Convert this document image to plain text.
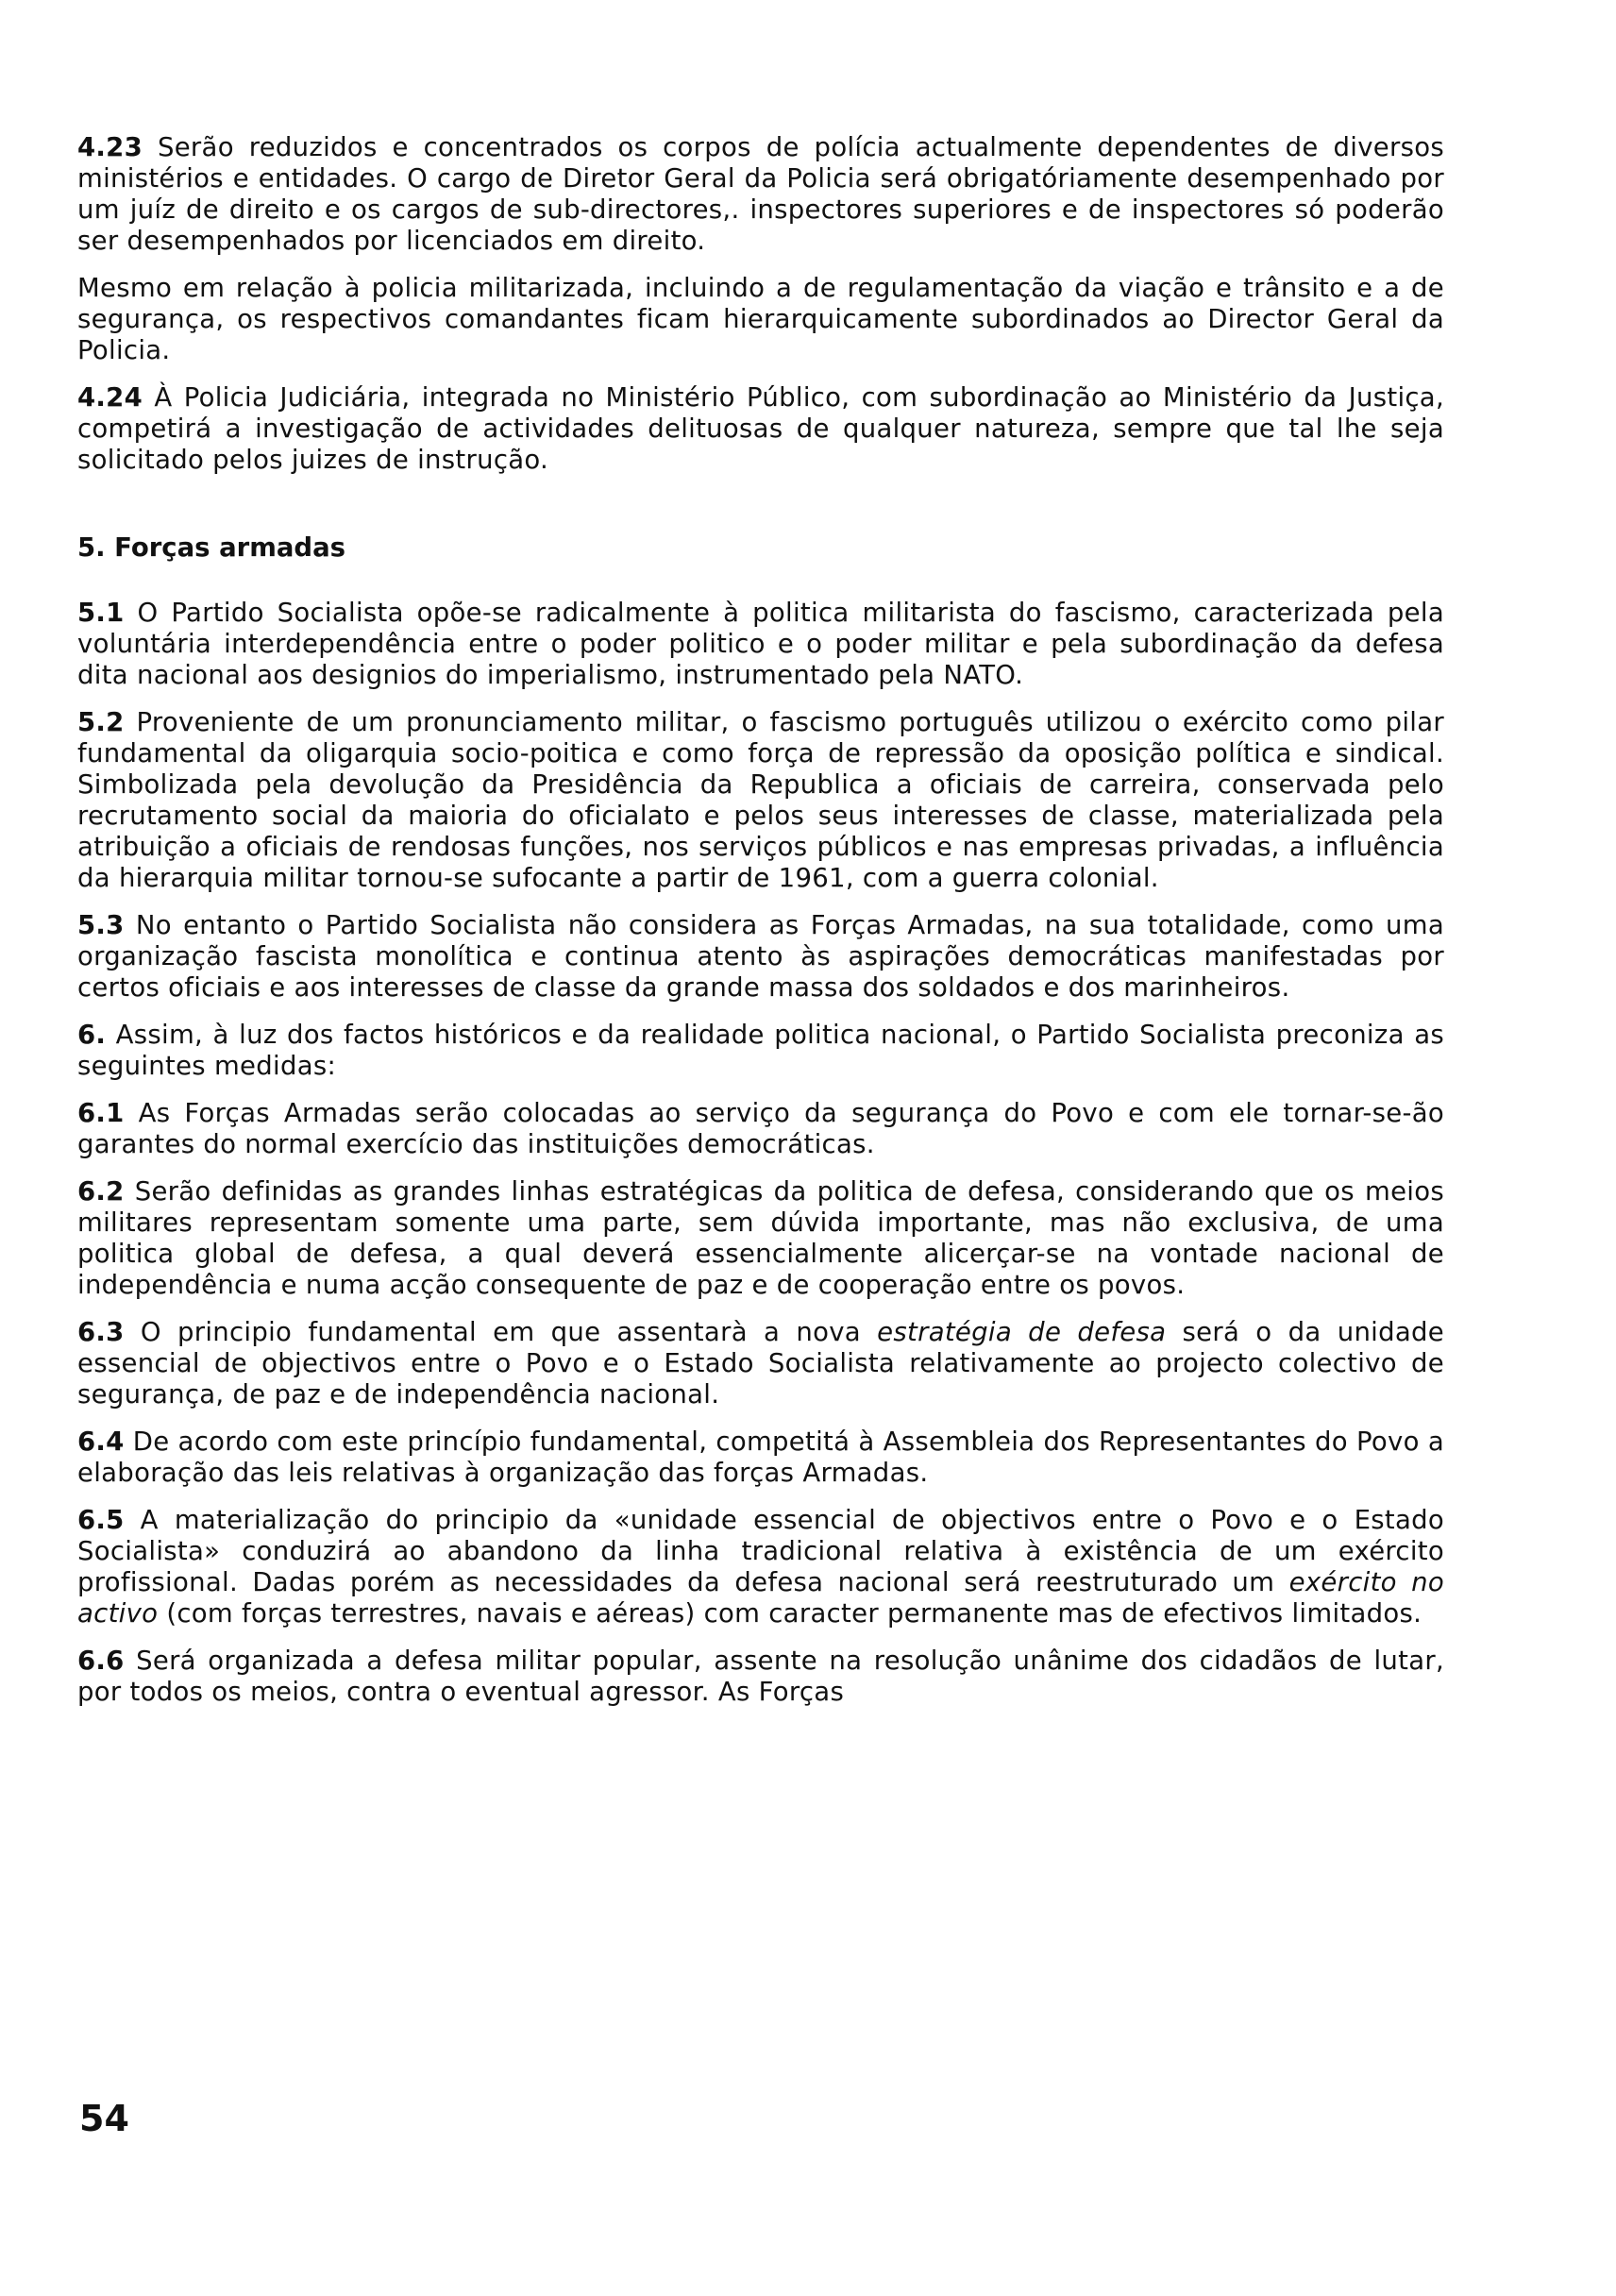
4.23 Serão reduzidos e concentrados os corpos de polícia actualmente dependentes de diversos ministérios e entidades. O cargo de Diretor Geral da Policia será obrigatóriamente desempenhado por um juíz de direito e os cargos de sub-directores,. inspectores superiores e de inspectores só poderão ser desempenhados por licenciados em direito.

Mesmo em relação à policia militarizada, incluindo a de regulamentação da viação e trânsito e a de segurança, os respectivos comandantes ficam hierarquicamente subordinados ao Director Geral da Policia.

4.24 À Policia Judiciária, integrada no Ministério Público, com subordinação ao Ministério da Justiça, competirá a investigação de actividades delituosas de qualquer natureza, sempre que tal lhe seja solicitado pelos juizes de instrução.

5. Forças armadas

5.1 O Partido Socialista opõe-se radicalmente à politica militarista do fascismo, caracterizada pela voluntária interdependência entre o poder politico e o poder militar e pela subordinação da defesa dita nacional aos designios do imperialismo, instrumentado pela NATO.

5.2 Proveniente de um pronunciamento militar, o fascismo português utilizou o exército como pilar fundamental da oligarquia socio-poitica e como força de repressão da oposição política e sindical. Simbolizada pela devolução da Presidência da Republica a oficiais de carreira, conservada pelo recrutamento social da maioria do oficialato e pelos seus interesses de classe, materializada pela atribuição a oficiais de rendosas funções, nos serviços públicos e nas empresas privadas, a influência da hierarquia militar tornou-se sufocante a partir de 1961, com a guerra colonial.

5.3 No entanto o Partido Socialista não considera as Forças Armadas, na sua totalidade, como uma organização fascista monolítica e continua atento às aspirações democráticas manifestadas por certos oficiais e aos interesses de classe da grande massa dos soldados e dos marinheiros.

6. Assim, à luz dos factos históricos e da realidade politica nacional, o Partido Socialista preconiza as seguintes medidas:

6.1 As Forças Armadas serão colocadas ao serviço da segurança do Povo e com ele tornar-se-ão garantes do normal exercício das instituições democráticas.

6.2 Serão definidas as grandes linhas estratégicas da politica de defesa, considerando que os meios militares representam somente uma parte, sem dúvida importante, mas não exclusiva, de uma politica global de defesa, a qual deverá essencialmente alicerçar-se na vontade nacional de independência e numa acção consequente de paz e de cooperação entre os povos.

6.3 O principio fundamental em que assentarà a nova estratégia de defesa será o da unidade essencial de objectivos entre o Povo e o Estado Socialista relativamente ao projecto colectivo de segurança, de paz e de independência nacional.

6.4 De acordo com este princípio fundamental, competitá à Assembleia dos Representantes do Povo a elaboração das leis relativas à organização das forças Armadas.

6.5 A materialização do principio da «unidade essencial de objectivos entre o Povo e o Estado Socialista» conduzirá ao abandono da linha tradicional relativa à existência de um exército profissional. Dadas porém as necessidades da defesa nacional será reestruturado um exército no activo (com forças terrestres, navais e aéreas) com caracter permanente mas de efectivos limitados.

6.6 Será organizada a defesa militar popular, assente na resolução unânime dos cidadãos de lutar, por todos os meios, contra o eventual agressor. As Forças

54
